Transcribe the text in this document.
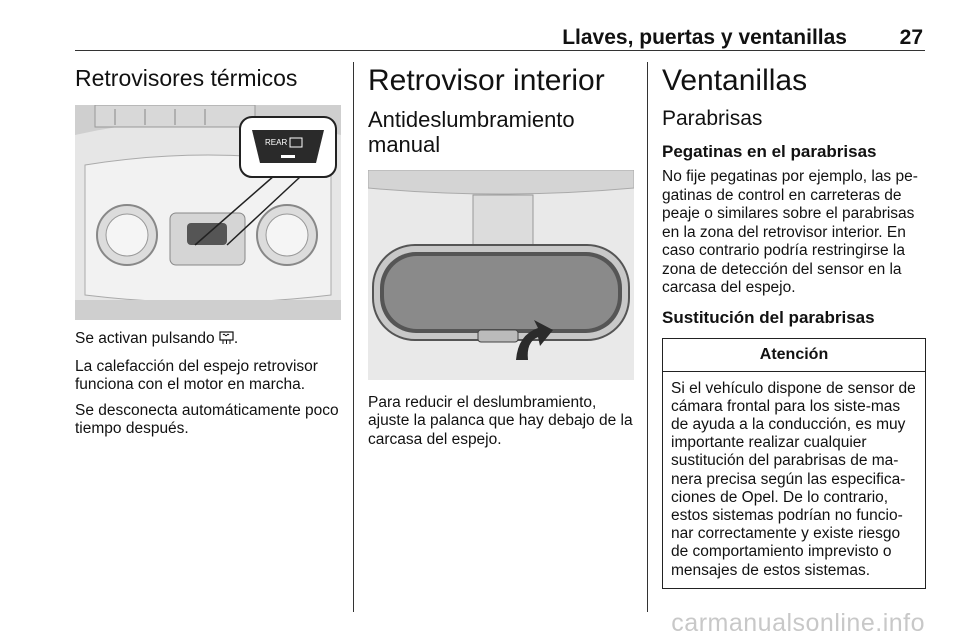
Llaves, puertas y ventanillas	27
Retrovisores térmicos
REAR

Se activan pulsando .

La calefacción del espejo retrovisor funciona con el motor en marcha.

Se desconecta automáticamente poco tiempo después.

Retrovisor interior
Antideslumbramiento manual

Para reducir el deslumbramiento, ajuste la palanca que hay debajo de la carcasa del espejo.

Ventanillas
Parabrisas
Pegatinas en el parabrisas

No fije pegatinas por ejemplo, las pe-gatinas de control en carreteras de peaje o similares sobre el parabrisas en la zona del retrovisor interior. En caso contrario podría restringirse la zona de detección del sensor en la carcasa del espejo.

Sustitución del parabrisas
Atención
Si el vehículo dispone de sensor de cámara frontal para los siste-mas de ayuda a la conducción, es muy importante realizar cualquier sustitución del parabrisas de ma-nera precisa según las especifica-ciones de Opel. De lo contrario, estos sistemas podrían no funcio-nar correctamente y existe riesgo de comportamiento imprevisto o mensajes de estos sistemas.
carmanualsonline.info
